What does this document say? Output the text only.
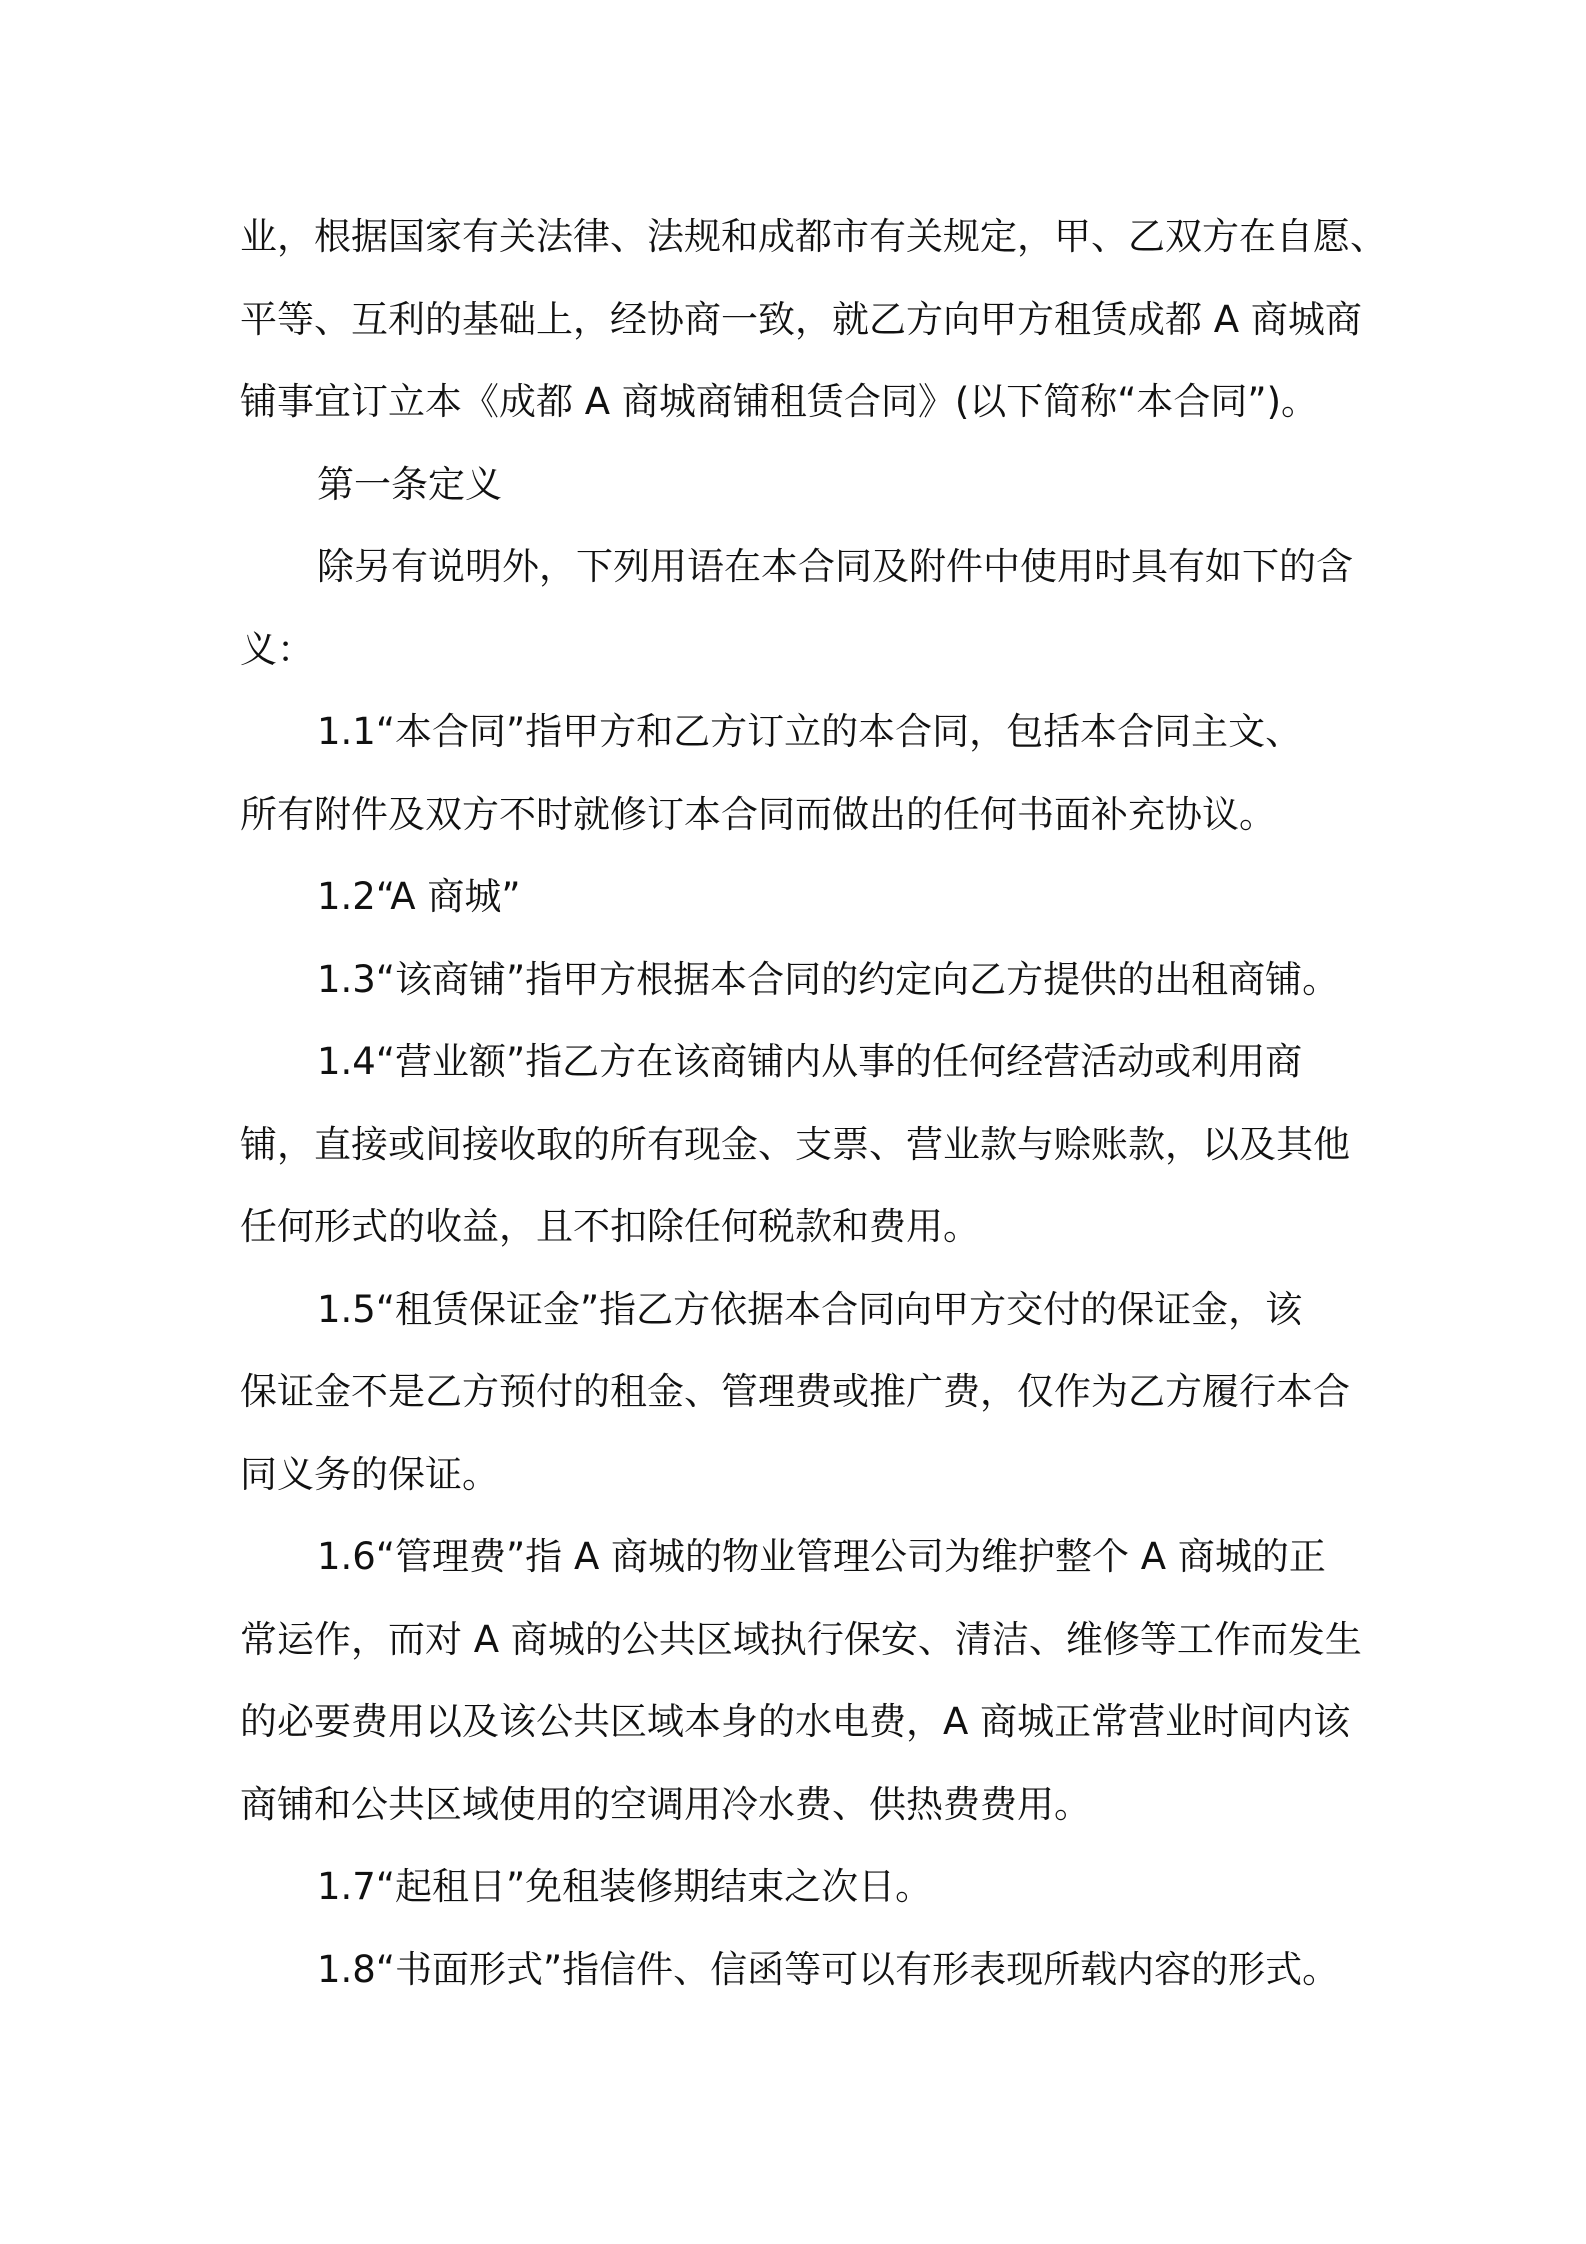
业，根据国家有关法律、法规和成都市有关规定，甲、乙双方在自愿、
平等、互利的基础上，经协商一致，就乙方向甲方租赁成都 A 商城商
铺事宜订立本《成都 A 商城商铺租赁合同》(以下简称“本合同”)。
第一条定义
除另有说明外，下列用语在本合同及附件中使用时具有如下的含
义：
1.1“本合同”指甲方和乙方订立的本合同，包括本合同主文、
所有附件及双方不时就修订本合同而做出的任何书面补充协议。
1.2“A 商城”
1.3“该商铺”指甲方根据本合同的约定向乙方提供的出租商铺。
1.4“营业额”指乙方在该商铺内从事的任何经营活动或利用商
铺，直接或间接收取的所有现金、支票、营业款与赊账款，以及其他
任何形式的收益，且不扣除任何税款和费用。
1.5“租赁保证金”指乙方依据本合同向甲方交付的保证金，该
保证金不是乙方预付的租金、管理费或推广费，仅作为乙方履行本合
同义务的保证。
1.6“管理费”指 A 商城的物业管理公司为维护整个 A 商城的正
常运作，而对 A 商城的公共区域执行保安、清洁、维修等工作而发生
的必要费用以及该公共区域本身的水电费，A 商城正常营业时间内该
商铺和公共区域使用的空调用冷水费、供热费费用。
1.7“起租日”免租装修期结束之次日。
1.8“书面形式”指信件、信函等可以有形表现所载内容的形式。
